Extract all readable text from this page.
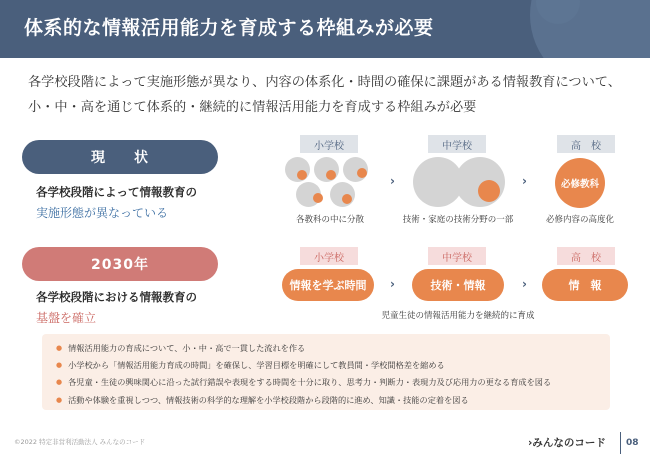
体系的な情報活用能力を育成する枠組みが必要
各学校段階によって実施形態が異なり、内容の体系化・時間の確保に課題がある情報教育について、小・中・高を通じて体系的・継続的に情報活用能力を育成する枠組みが必要
現 状
各学校段階によって情報教育の
実施形態が異なっている
小学校	中学校	高　校
›	›	必修教科
各教科の中に分散	技術・家庭の技術分野の一部	必修内容の高度化
2030年
各学校段階における情報教育の
基盤を確立
小学校	中学校	高　校
情報を学ぶ時間	›	技術・情報	›	情　報
児童生徒の情報活用能力を継続的に育成
● 情報活用能力の育成について、小・中・高で一貫した流れを作る
● 小学校から「情報活用能力育成の時間」を確保し、学習目標を明確にして教員間・学校間格差を縮める
● 各児童・生徒の興味関心に沿った試行錯誤や表現をする時間を十分に取り、思考力・判断力・表現力及び応用力の更なる育成を図る
● 活動や体験を重視しつつ、情報技術の科学的な理解を小学校段階から段階的に進め、知識・技能の定着を図る
©2022 特定非営利活動法人 みんなのコード	›みんなのコード 08
